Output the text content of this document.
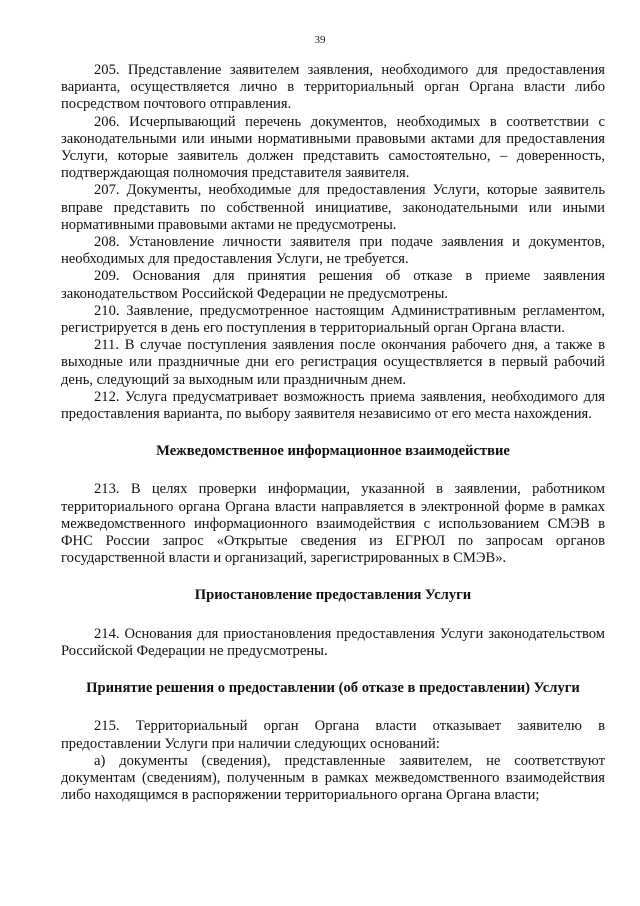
39

205. Представление заявителем заявления, необходимого для предоставления варианта, осуществляется лично в территориальный орган Органа власти либо посредством почтового отправления.

206. Исчерпывающий перечень документов, необходимых в соответствии с законодательными или иными нормативными правовыми актами для предоставления Услуги, которые заявитель должен представить самостоятельно, – доверенность, подтверждающая полномочия представителя заявителя.

207. Документы, необходимые для предоставления Услуги, которые заявитель вправе представить по собственной инициативе, законодательными или иными нормативными правовыми актами не предусмотрены.

208. Установление личности заявителя при подаче заявления и документов, необходимых для предоставления Услуги, не требуется.

209. Основания для принятия решения об отказе в приеме заявления законодательством Российской Федерации не предусмотрены.

210. Заявление, предусмотренное настоящим Административным регламентом, регистрируется в день его поступления в территориальный орган Органа власти.

211. В случае поступления заявления после окончания рабочего дня, а также в выходные или праздничные дни его регистрация осуществляется в первый рабочий день, следующий за выходным или праздничным днем.

212. Услуга предусматривает возможность приема заявления, необходимого для предоставления варианта, по выбору заявителя независимо от его места нахождения.

Межведомственное информационное взаимодействие

213. В целях проверки информации, указанной в заявлении, работником территориального органа Органа власти направляется в электронной форме в рамках межведомственного информационного взаимодействия с использованием СМЭВ в ФНС России запрос «Открытые сведения из ЕГРЮЛ по запросам органов государственной власти и организаций, зарегистрированных в СМЭВ».

Приостановление предоставления Услуги

214. Основания для приостановления предоставления Услуги законодательством Российской Федерации не предусмотрены.

Принятие решения о предоставлении (об отказе в предоставлении) Услуги

215. Территориальный орган Органа власти отказывает заявителю в предоставлении Услуги при наличии следующих оснований:

а) документы (сведения), представленные заявителем, не соответствуют документам (сведениям), полученным в рамках межведомственного взаимодействия либо находящимся в распоряжении территориального органа Органа власти;
